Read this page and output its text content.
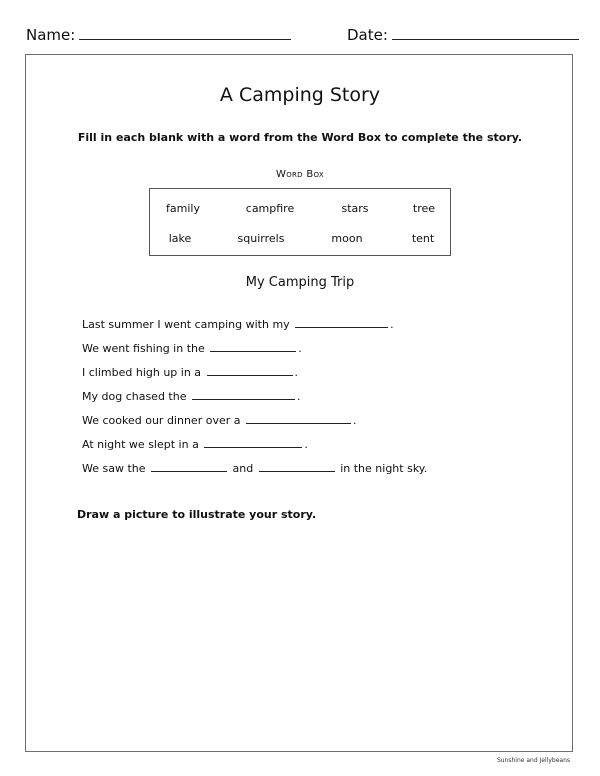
Name:	Date:
A Camping Story
Fill in each blank with a word from the Word Box to complete the story.
Word Box
family	campfire	stars	tree
lake	squirrels	moon	tent
My Camping Trip
Last summer I went camping with my	.
We went fishing in the	.
I climbed high up in a	.
My dog chased the	.
We cooked our dinner over a	.
At night we slept in a	.
We saw the	and	in the night sky.
Draw a picture to illustrate your story.
Sunshine and Jellybeans
